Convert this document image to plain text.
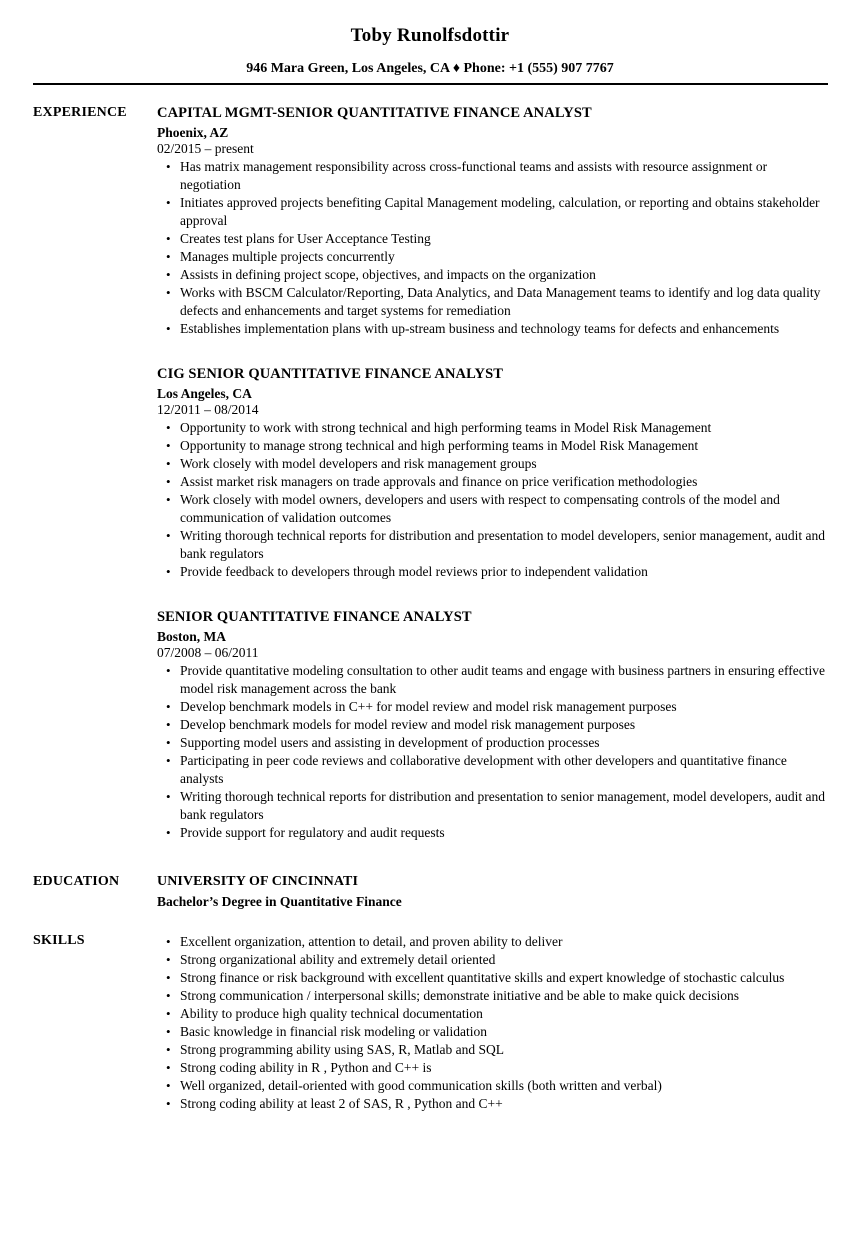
Toby Runolfsdottir
946 Mara Green, Los Angeles, CA ♦ Phone: +1 (555) 907 7767
EXPERIENCE	CAPITAL MGMT-SENIOR QUANTITATIVE FINANCE ANALYST
Phoenix, AZ
02/2015 – present
• Has matrix management responsibility across cross-functional teams and assists with resource assignment or negotiation
• Initiates approved projects benefiting Capital Management modeling, calculation, or reporting and obtains stakeholder approval
• Creates test plans for User Acceptance Testing
• Manages multiple projects concurrently
• Assists in defining project scope, objectives, and impacts on the organization
• Works with BSCM Calculator/Reporting, Data Analytics, and Data Management teams to identify and log data quality defects and enhancements and target systems for remediation
• Establishes implementation plans with up-stream business and technology teams for defects and enhancements
CIG SENIOR QUANTITATIVE FINANCE ANALYST
Los Angeles, CA
12/2011 – 08/2014
• Opportunity to work with strong technical and high performing teams in Model Risk Management
• Opportunity to manage strong technical and high performing teams in Model Risk Management
• Work closely with model developers and risk management groups
• Assist market risk managers on trade approvals and finance on price verification methodologies
• Work closely with model owners, developers and users with respect to compensating controls of the model and communication of validation outcomes
• Writing thorough technical reports for distribution and presentation to model developers, senior management, audit and bank regulators
• Provide feedback to developers through model reviews prior to independent validation
SENIOR QUANTITATIVE FINANCE ANALYST
Boston, MA
07/2008 – 06/2011
• Provide quantitative modeling consultation to other audit teams and engage with business partners in ensuring effective model risk management across the bank
• Develop benchmark models in C++ for model review and model risk management purposes
• Develop benchmark models for model review and model risk management purposes
• Supporting model users and assisting in development of production processes
• Participating in peer code reviews and collaborative development with other developers and quantitative finance analysts
• Writing thorough technical reports for distribution and presentation to senior management, model developers, audit and bank regulators
• Provide support for regulatory and audit requests
EDUCATION	UNIVERSITY OF CINCINNATI
Bachelor’s Degree in Quantitative Finance
SKILLS	• Excellent organization, attention to detail, and proven ability to deliver
• Strong organizational ability and extremely detail oriented
• Strong finance or risk background with excellent quantitative skills and expert knowledge of stochastic calculus
• Strong communication / interpersonal skills; demonstrate initiative and be able to make quick decisions
• Ability to produce high quality technical documentation
• Basic knowledge in financial risk modeling or validation
• Strong programming ability using SAS, R, Matlab and SQL
• Strong coding ability in R , Python and C++ is
• Well organized, detail-oriented with good communication skills (both written and verbal)
• Strong coding ability at least 2 of SAS, R , Python and C++
